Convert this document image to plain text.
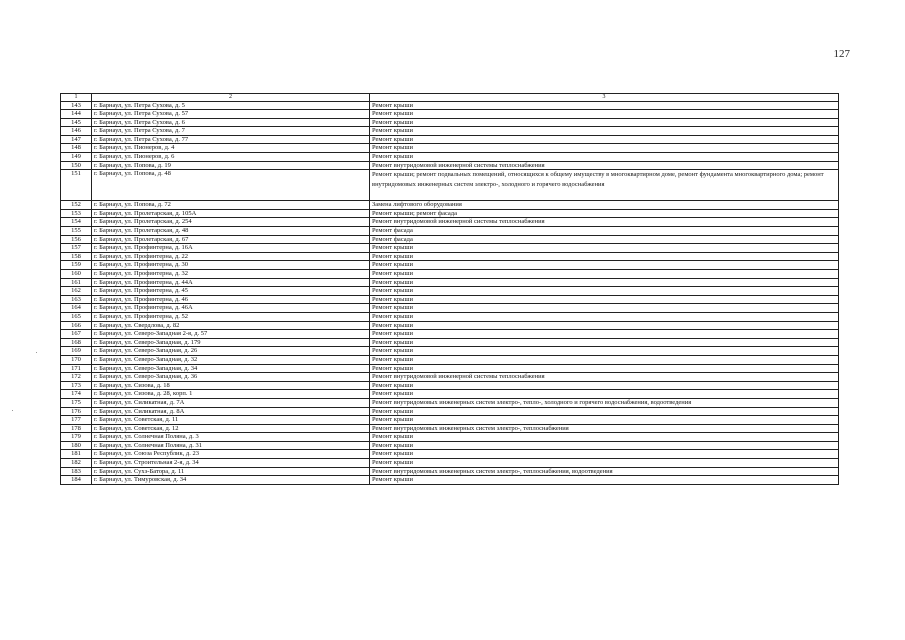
127
1	2	3
143	г. Барнаул, ул. Петра Сухова, д. 5	Ремонт крыши
144	г. Барнаул, ул. Петра Сухова, д. 57	Ремонт крыши
145	г. Барнаул, ул. Петра Сухова, д. 6	Ремонт крыши
146	г. Барнаул, ул. Петра Сухова, д. 7	Ремонт крыши
147	г. Барнаул, ул. Петра Сухова, д. 77	Ремонт крыши
148	г. Барнаул, ул. Пионеров, д. 4	Ремонт крыши
149	г. Барнаул, ул. Пионеров, д. 6	Ремонт крыши
150	г. Барнаул, ул. Попова, д. 19	Ремонт внутридомовой инженерной системы теплоснабжения
151	г. Барнаул, ул. Попова, д. 48	Ремонт крыши; ремонт подвальных помещений, относящихся к общему имуществу в многоквартирном доме, ремонт фундамента многоквартирного дома; ремонт внутридомовых инженерных систем электро-, холодного и горячего водоснабжения
152	г. Барнаул, ул. Попова, д. 72	Замена лифтового оборудования
153	г. Барнаул, ул. Пролетарская, д. 105А	Ремонт крыши; ремонт фасада
154	г. Барнаул, ул. Пролетарская, д. 254	Ремонт внутридомовой инженерной системы теплоснабжения
155	г. Барнаул, ул. Пролетарская, д. 48	Ремонт фасада
156	г. Барнаул, ул. Пролетарская, д. 67	Ремонт фасада
157	г. Барнаул, ул. Профинтерна, д. 16А	Ремонт крыши
158	г. Барнаул, ул. Профинтерна, д. 22	Ремонт крыши
159	г. Барнаул, ул. Профинтерна, д. 30	Ремонт крыши
160	г. Барнаул, ул. Профинтерна, д. 32	Ремонт крыши
161	г. Барнаул, ул. Профинтерна, д. 44А	Ремонт крыши
162	г. Барнаул, ул. Профинтерна, д. 45	Ремонт крыши
163	г. Барнаул, ул. Профинтерна, д. 46	Ремонт крыши
164	г. Барнаул, ул. Профинтерна, д. 46А	Ремонт крыши
165	г. Барнаул, ул. Профинтерна, д. 52	Ремонт крыши
166	г. Барнаул, ул. Свердлова, д. 82	Ремонт крыши
167	г. Барнаул, ул. Северо-Западная 2-я, д. 57	Ремонт крыши
168	г. Барнаул, ул. Северо-Западная, д. 179	Ремонт крыши
169	г. Барнаул, ул. Северо-Западная, д. 26	Ремонт крыши
170	г. Барнаул, ул. Северо-Западная, д. 32	Ремонт крыши
171	г. Барнаул, ул. Северо-Западная, д. 34	Ремонт крыши
172	г. Барнаул, ул. Северо-Западная, д. 36	Ремонт внутридомовой инженерной системы теплоснабжения
173	г. Барнаул, ул. Сизова, д. 18	Ремонт крыши
174	г. Барнаул, ул. Сизова, д. 28, корп. 1	Ремонт крыши
175	г. Барнаул, ул. Силикатная, д. 7А	Ремонт внутридомовых инженерных систем электро-, тепло-, холодного и горячего водоснабжения, водоотведения
176	г. Барнаул, ул. Силикатная, д. 8А	Ремонт крыши
177	г. Барнаул, ул. Советская, д. 11	Ремонт крыши
178	г. Барнаул, ул. Советская, д. 12	Ремонт внутридомовых инженерных систем электро-, теплоснабжения
179	г. Барнаул, ул. Солнечная Поляна, д. 3	Ремонт крыши
180	г. Барнаул, ул. Солнечная Поляна, д. 31	Ремонт крыши
181	г. Барнаул, ул. Союза Республик, д. 23	Ремонт крыши
182	г. Барнаул, ул. Строительная 2-я, д. 34	Ремонт крыши
183	г. Барнаул, ул. Сухэ-Батора, д. 11	Ремонт внутридомовых инженерных систем электро-, теплоснабжения, водоотведения
184	г. Барнаул, ул. Тимуровская, д. 34	Ремонт крыши
